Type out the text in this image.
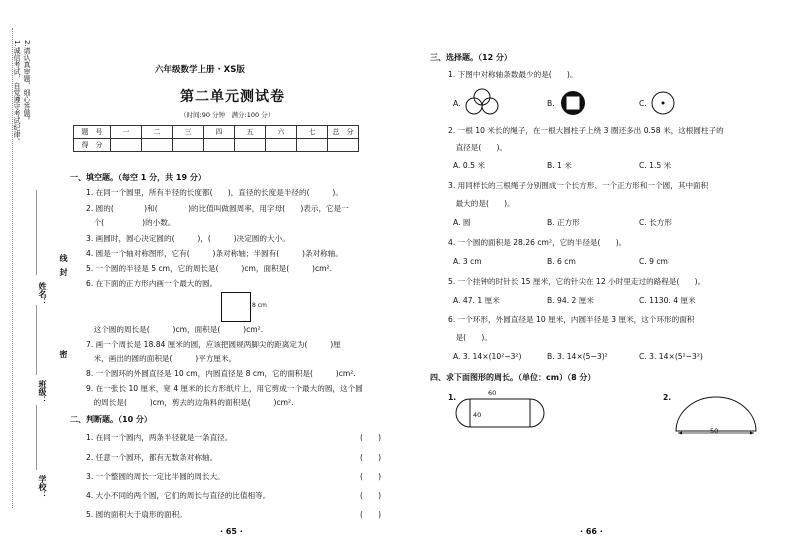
1.诚信考试，自觉遵守考试纪律。 2.请认真审题，细心答题。
姓名：
班级：
学校：
线
封
密
六年级数学上册 · XS版
第二单元测试卷
（时间:90 分钟　满分:100 分）
题　号	一	二	三	四	五	六	七	总　分
得　分								
一、填空题。（每空 1 分，共 19 分）
1. 在同一个圆里，所有半径的长度都(　　)，直径的长度是半径的(　　　)。
2. 圆的(　　　　)和(　　　　)的比值叫做圆周率，用字母(　　)表示，它是一
　个(　　　　　)的小数。
3. 画圆时，圆心决定圆的(　　　)，(　　　)决定圆的大小。
4. 圆是一个轴对称图形，它有(　　　)条对称轴；半圆有(　　　)条对称轴。
5. 一个圆的半径是 5 cm，它的周长是(　　　)cm，面积是(　　　)cm².
6. 在下面的正方形内画一个最大的圆。
8 cm
　这个圆的周长是(　　　)cm，面积是(　　　)cm².
7. 画一个周长是 18.84 厘米的圆，应该把圆规两脚尖的距离定为(　　　)厘
　米，画出的圆的面积是(　　　)平方厘米。
8. 一个圆环的外圆直径是 10 cm，内圆直径是 8 cm，它的面积是(　　　)cm².
9. 在一张长 10 厘米，宽 4 厘米的长方形纸片上，用它剪成一个最大的圆，这个圆
　的周长是(　　　)cm，剪去的边角料的面积是(　　　)cm².
二、判断题。（10 分）
1. 在同一个圆内，两条半径就是一条直径。	(　　)
2. 任意一个圆环，都有无数条对称轴。	(　　)
3. 一个整圆的周长一定比半圆的周长大。	(　　)
4. 大小不同的两个圆，它们的周长与直径的比值相等。	(　　)
5. 圆的面积大于扇形的面积。	(　　)
· 65 ·
三、选择题。（12 分）
1. 下图中对称轴条数最少的是(　　)。
A.	B.	C.
2. 一根 10 米长的绳子，在一根大圆柱子上绕 3 圈还多出 0.58 米，这根圆柱子的
　直径是(　　)。
A. 0.5 米	B. 1 米	C. 1.5 米
3. 用同样长的三根绳子分别围成一个长方形、一个正方形和一个圆，其中面积
　最大的是(　　)。
A. 圆	B. 正方形	C. 长方形
4. 一个圆的面积是 28.26 cm²，它的半径是(　　)。
A. 3 cm	B. 6 cm	C. 9 cm
5. 一个挂钟的时针长 15 厘米，它的针尖在 12 小时里走过的路程是(　　)。
A. 47. 1 厘米	B. 94. 2 厘米	C. 1130. 4 厘米
6. 一个环形，外圆直径是 10 厘米，内圆半径是 3 厘米，这个环形的面积
　是(　　)。
A. 3. 14×(10²−3²)	B. 3. 14×(5−3)²	C. 3. 14×(5²−3²)
四、求下面图形的周长。（单位：cm）（8 分）
1.	60
40
2.
50
· 66 ·
